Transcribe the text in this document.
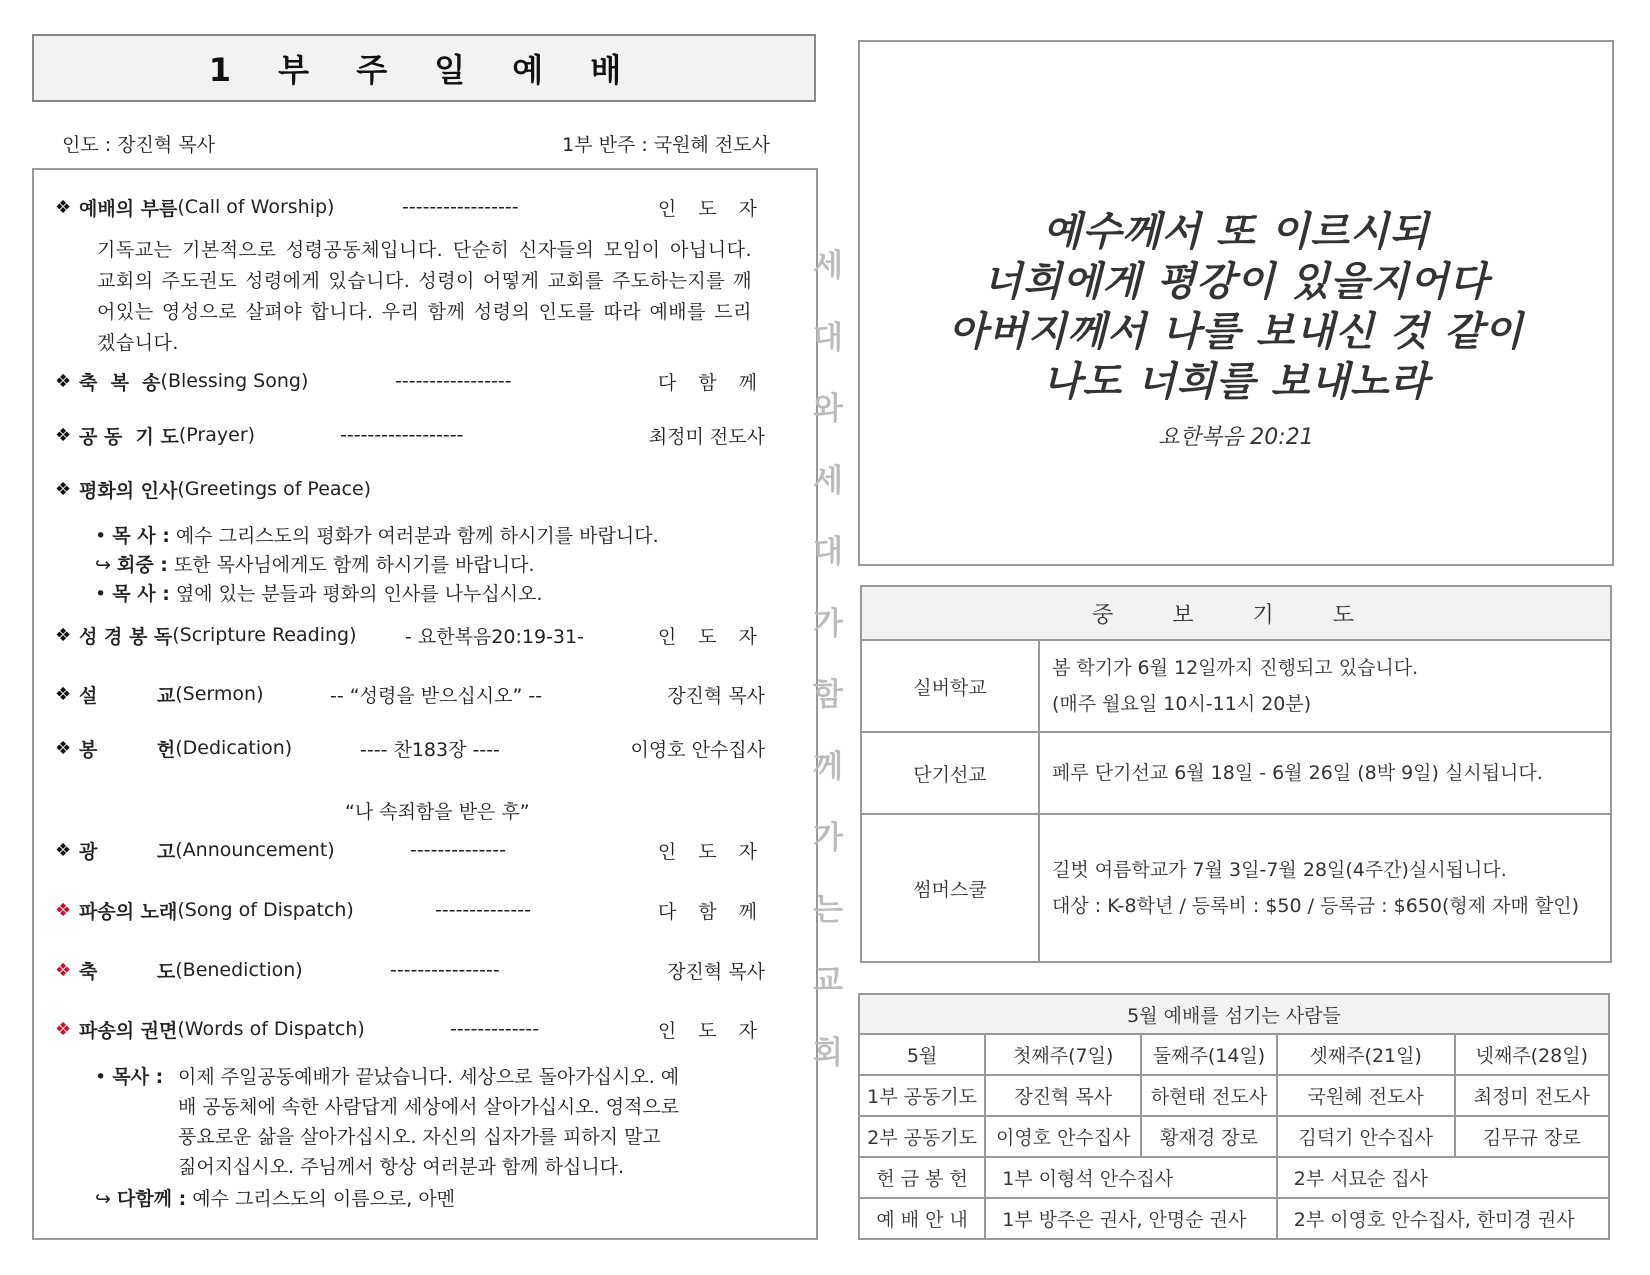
1 부 주 일 예 배
인도 : 장진혁 목사	1부 반주 : 국원혜 전도사
❖ 예배의 부름 (Call of Worship)	-----------------	인 도 자
기독교는 기본적으로 성령공동체입니다. 단순히 신자들의 모임이 아닙니다. 교회의 주도권도 성령에게 있습니다. 성령이 어떻게 교회를 주도하는지를 깨어있는 영성으로 살펴야 합니다. 우리 함께 성령의 인도를 따라 예배를 드리겠습니다.
❖ 축  복  송 (Blessing Song)	-----------------	다 함 께
❖ 공 동  기 도 (Prayer)	------------------	최정미 전도사
❖ 평화의 인사 (Greetings of Peace)
• 목 사 : 예수 그리스도의 평화가 여러분과 함께 하시기를 바랍니다.
↪ 회중 : 또한 목사님에게도 함께 하시기를 바랍니다.
• 목 사 : 옆에 있는 분들과 평화의 인사를 나누십시오.
❖ 성 경 봉 독 (Scripture Reading)	- 요한복음20:19-31-	인 도 자
❖ 설         교 (Sermon)	-- “성령을 받으십시오” --	장진혁 목사
❖ 봉         헌 (Dedication)	---- 찬183장 ----	이영호 안수집사
“나 속죄함을 받은 후”
❖ 광         고 (Announcement)	--------------	인 도 자
❖ 파송의 노래 (Song of Dispatch)	--------------	다 함 께
❖ 축         도 (Benediction)	----------------	장진혁 목사
❖ 파송의 권면 (Words of Dispatch)	-------------	인 도 자
• 목사 : 이제 주일공동예배가 끝났습니다. 세상으로 돌아가십시오. 예
배 공동체에 속한 사람답게 세상에서 살아가십시오. 영적으로
풍요로운 삶을 살아가십시오. 자신의 십자가를 피하지 말고
짊어지십시오. 주님께서 항상 여러분과 함께 하십니다.
↪ 다함께 : 예수 그리스도의 이름으로, 아멘
세
대
와
세
대
가
함
께
가
는
교
회
예수께서 또 이르시되
너희에게 평강이 있을지어다
아버지께서 나를 보내신 것 같이
나도 너희를 보내노라
요한복음 20:21
중 보 기 도	
실버학교	봄 학기가 6월 12일까지 진행되고 있습니다.
(매주 월요일 10시-11시 20분)

단기선교	페루 단기선교 6월 18일 - 6월 26일 (8박 9일) 실시됩니다.

썸머스쿨	길벗 여름학교가 7월 3일-7월 28일(4주간)실시됩니다.
대상 : K-8학년 / 등록비 : $50 / 등록금 : $650(형제 자매 할인)
5월 예배를 섬기는 사람들				
5월	첫째주(7일)	둘째주(14일)	셋째주(21일)	넷째주(28일)
1부 공동기도	장진혁 목사	하현태 전도사	국원혜 전도사	최정미 전도사
2부 공동기도	이영호 안수집사	황재경 장로	김덕기 안수집사	김무규 장로
헌 금 봉 헌	1부 이형석 안수집사		2부 서묘순 집사	
예 배 안 내	1부 방주은 권사, 안명순 권사		2부 이영호 안수집사, 한미경 권사	
